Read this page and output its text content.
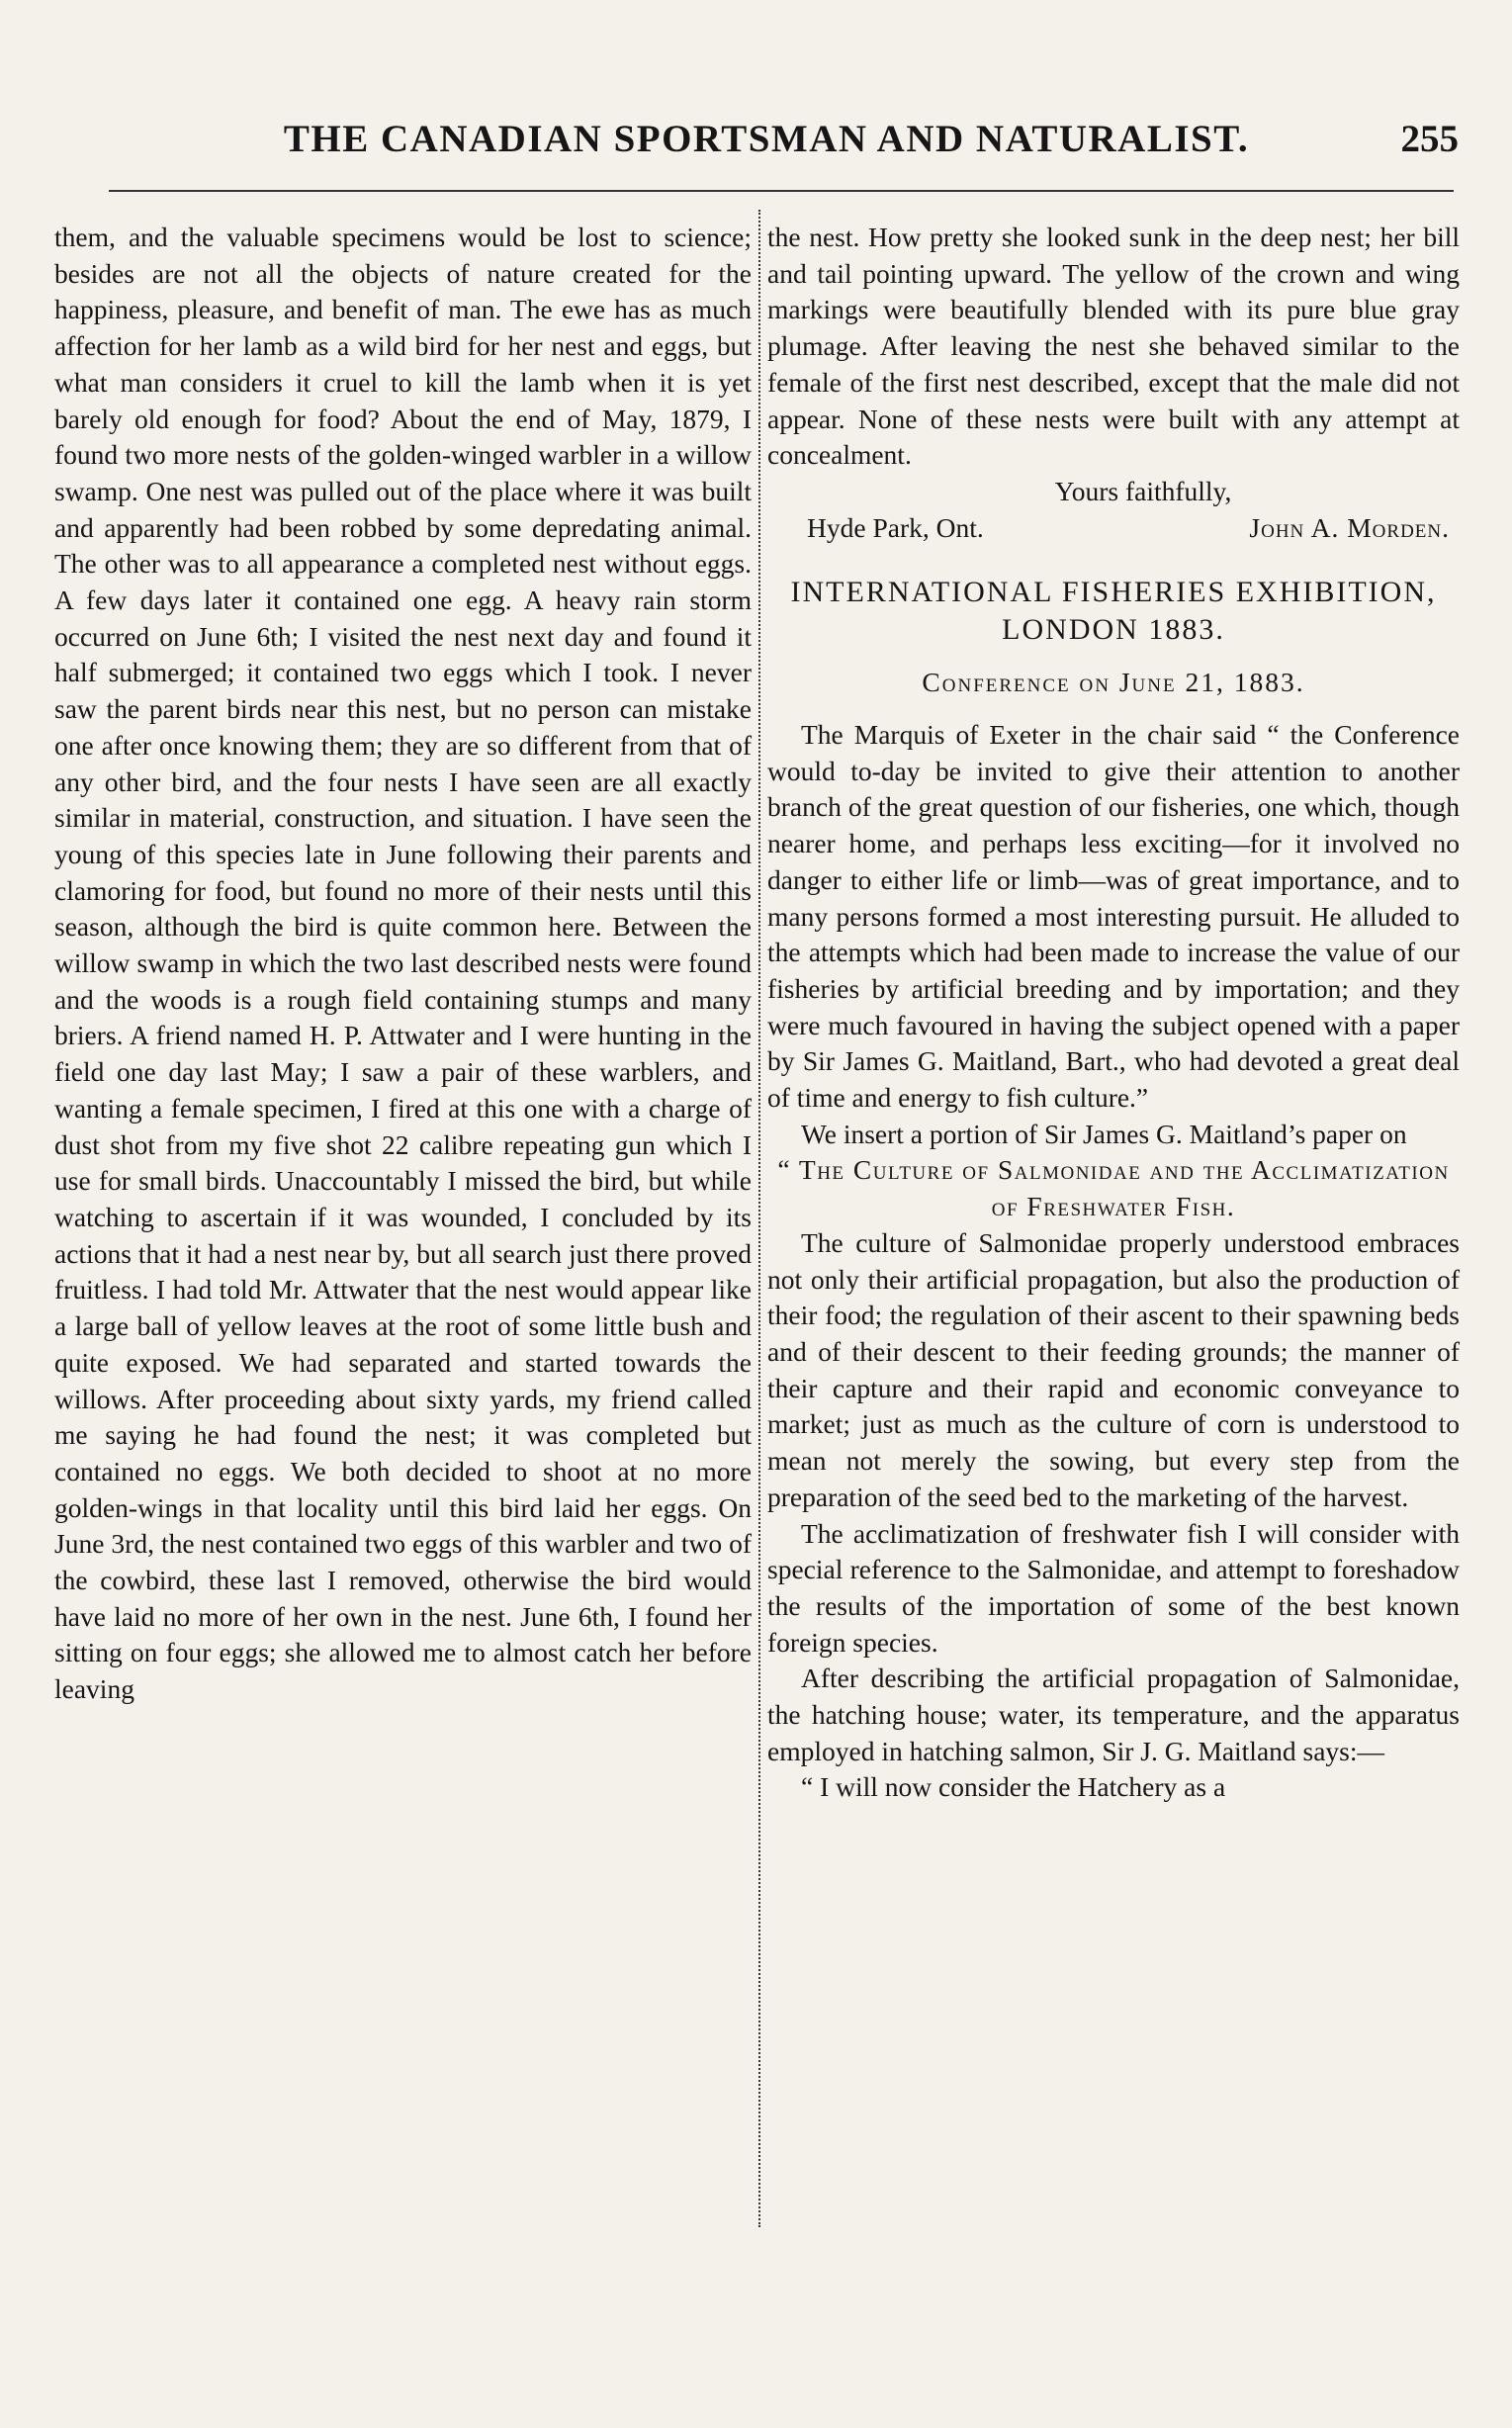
THE CANADIAN SPORTSMAN AND NATURALIST.	255

them, and the valuable specimens would be lost to science; besides are not all the objects of nature created for the happiness, pleasure, and benefit of man. The ewe has as much affection for her lamb as a wild bird for her nest and eggs, but what man considers it cruel to kill the lamb when it is yet barely old enough for food? About the end of May, 1879, I found two more nests of the golden-winged warbler in a willow swamp. One nest was pulled out of the place where it was built and apparently had been robbed by some depredating animal. The other was to all appearance a completed nest without eggs. A few days later it contained one egg. A heavy rain storm occurred on June 6th; I visited the nest next day and found it half submerged; it contained two eggs which I took. I never saw the parent birds near this nest, but no person can mistake one after once knowing them; they are so different from that of any other bird, and the four nests I have seen are all exactly similar in material, construction, and situation. I have seen the young of this species late in June following their parents and clamoring for food, but found no more of their nests until this season, although the bird is quite common here. Between the willow swamp in which the two last described nests were found and the woods is a rough field containing stumps and many briers. A friend named H. P. Attwater and I were hunting in the field one day last May; I saw a pair of these warblers, and wanting a female specimen, I fired at this one with a charge of dust shot from my five shot 22 calibre repeating gun which I use for small birds. Unaccountably I missed the bird, but while watching to ascertain if it was wounded, I concluded by its actions that it had a nest near by, but all search just there proved fruitless. I had told Mr. Attwater that the nest would appear like a large ball of yellow leaves at the root of some little bush and quite exposed. We had separated and started towards the willows. After proceeding about sixty yards, my friend called me saying he had found the nest; it was completed but contained no eggs. We both decided to shoot at no more golden-wings in that locality until this bird laid her eggs. On June 3rd, the nest contained two eggs of this warbler and two of the cowbird, these last I removed, otherwise the bird would have laid no more of her own in the nest. June 6th, I found her sitting on four eggs; she allowed me to almost catch her before leaving

the nest. How pretty she looked sunk in the deep nest; her bill and tail pointing upward. The yellow of the crown and wing markings were beautifully blended with its pure blue gray plumage. After leaving the nest she behaved similar to the female of the first nest described, except that the male did not appear. None of these nests were built with any attempt at concealment.

Yours faithfully,

Hyde Park, Ont.	John A. Morden.

INTERNATIONAL FISHERIES EXHIBITION, LONDON 1883.

Conference on June 21, 1883.

The Marquis of Exeter in the chair said “ the Conference would to-day be invited to give their attention to another branch of the great question of our fisheries, one which, though nearer home, and perhaps less exciting—for it involved no danger to either life or limb—was of great importance, and to many persons formed a most interesting pursuit. He alluded to the attempts which had been made to increase the value of our fisheries by artificial breeding and by importation; and they were much favoured in having the subject opened with a paper by Sir James G. Maitland, Bart., who had devoted a great deal of time and energy to fish culture.”

We insert a portion of Sir James G. Maitland’s paper on

“ The Culture of Salmonidae and the Acclimatization of Freshwater Fish.

The culture of Salmonidae properly understood embraces not only their artificial propagation, but also the production of their food; the regulation of their ascent to their spawning beds and of their descent to their feeding grounds; the manner of their capture and their rapid and economic conveyance to market; just as much as the culture of corn is understood to mean not merely the sowing, but every step from the preparation of the seed bed to the marketing of the harvest.

The acclimatization of freshwater fish I will consider with special reference to the Salmonidae, and attempt to foreshadow the results of the importation of some of the best known foreign species.

After describing the artificial propagation of Salmonidae, the hatching house; water, its temperature, and the apparatus employed in hatching salmon, Sir J. G. Maitland says:—

“ I will now consider the Hatchery as a
